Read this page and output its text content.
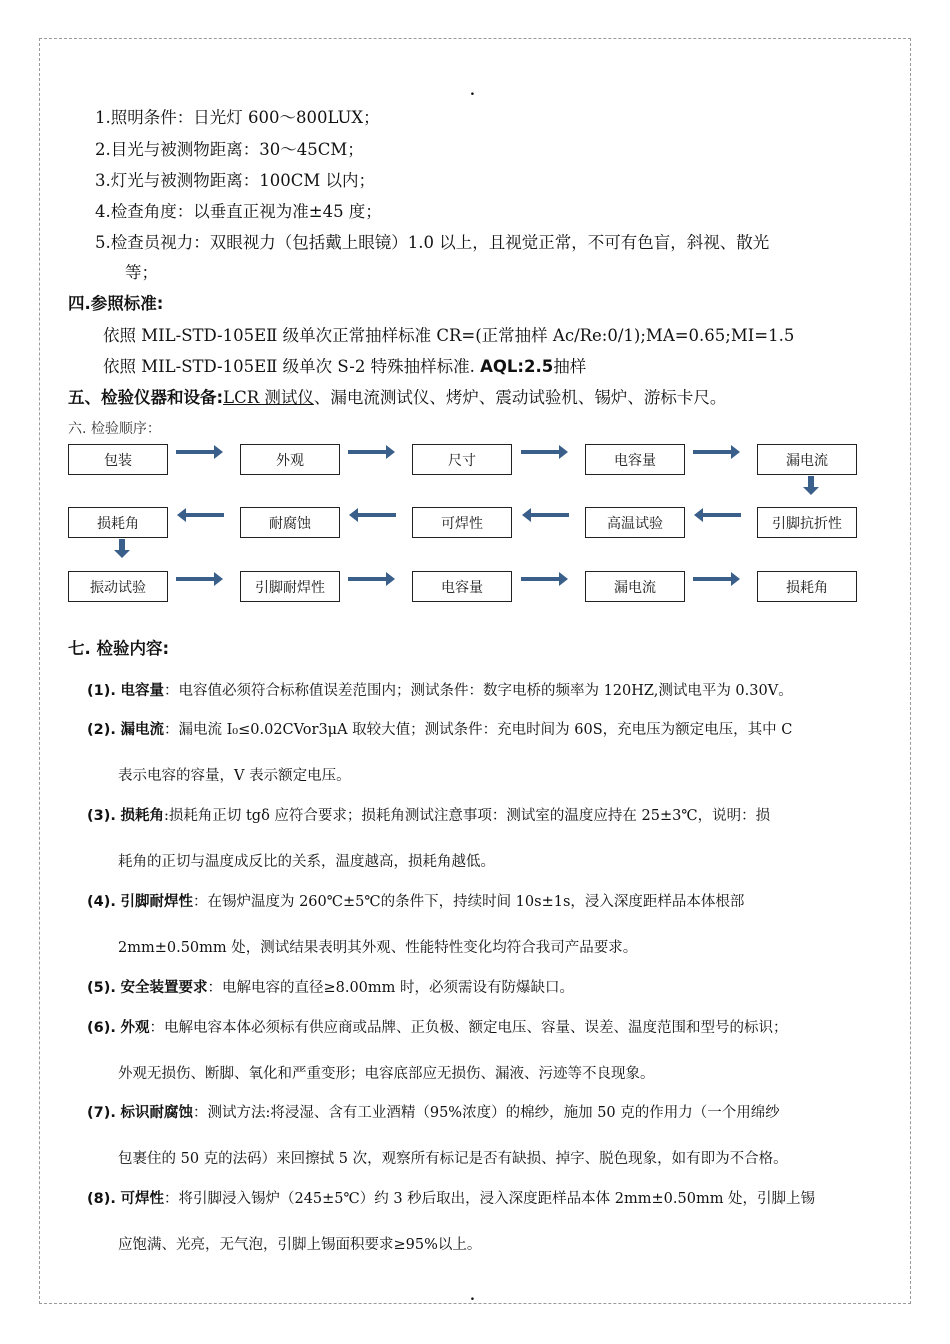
.
1.照明条件：日光灯 600～800LUX；
2.目光与被测物距离：30～45CM；
3.灯光与被测物距离：100CM 以内；
4.检查角度：以垂直正视为准±45 度；
5.检查员视力：双眼视力（包括戴上眼镜）1.0 以上，且视觉正常，不可有色盲，斜视、散光
等；
四.参照标准:
依照 MIL-STD-105EⅡ 级单次正常抽样标准 CR=(正常抽样 Ac/Re:0/1);MA=0.65;MI=1.5
依照 MIL-STD-105EⅡ 级单次 S-2 特殊抽样标准. AQL:2.5抽样
五、检验仪器和设备:LCR 测试仪、漏电流测试仪、烤炉、震动试验机、锡炉、游标卡尺。
六. 检验顺序：
包装	外观	尺寸	电容量	漏电流
损耗角	耐腐蚀	可焊性	高温试验	引脚抗折性
振动试验	引脚耐焊性	电容量	漏电流	损耗角
七. 检验内容:
(1). 电容量：电容值必须符合标称值误差范围内；测试条件：数字电桥的频率为 120HZ,测试电平为 0.30V。
(2). 漏电流：漏电流 I₀≤0.02CVor3μA 取较大值；测试条件：充电时间为 60S，充电压为额定电压，其中 C
表示电容的容量，V 表示额定电压。
(3). 损耗角:损耗角正切 tgδ 应符合要求；损耗角测试注意事项：测试室的温度应持在 25±3℃，说明：损
耗角的正切与温度成反比的关系，温度越高，损耗角越低。
(4). 引脚耐焊性：在锡炉温度为 260℃±5℃的条件下，持续时间 10s±1s，浸入深度距样品本体根部
2mm±0.50mm 处，测试结果表明其外观、性能特性变化均符合我司产品要求。
(5). 安全装置要求：电解电容的直径≥8.00mm 时，必须需设有防爆缺口。
(6). 外观：电解电容本体必须标有供应商或品牌、正负极、额定电压、容量、误差、温度范围和型号的标识；
外观无损伤、断脚、氧化和严重变形；电容底部应无损伤、漏液、污迹等不良现象。
(7). 标识耐腐蚀：测试方法:将浸湿、含有工业酒精（95%浓度）的棉纱，施加 50 克的作用力（一个用绵纱
包裹住的 50 克的法码）来回擦拭 5 次，观察所有标记是否有缺损、掉字、脱色现象，如有即为不合格。
(8). 可焊性：将引脚浸入锡炉（245±5℃）约 3 秒后取出，浸入深度距样品本体 2mm±0.50mm 处，引脚上锡
应饱满、光亮，无气泡，引脚上锡面积要求≥95%以上。
.
